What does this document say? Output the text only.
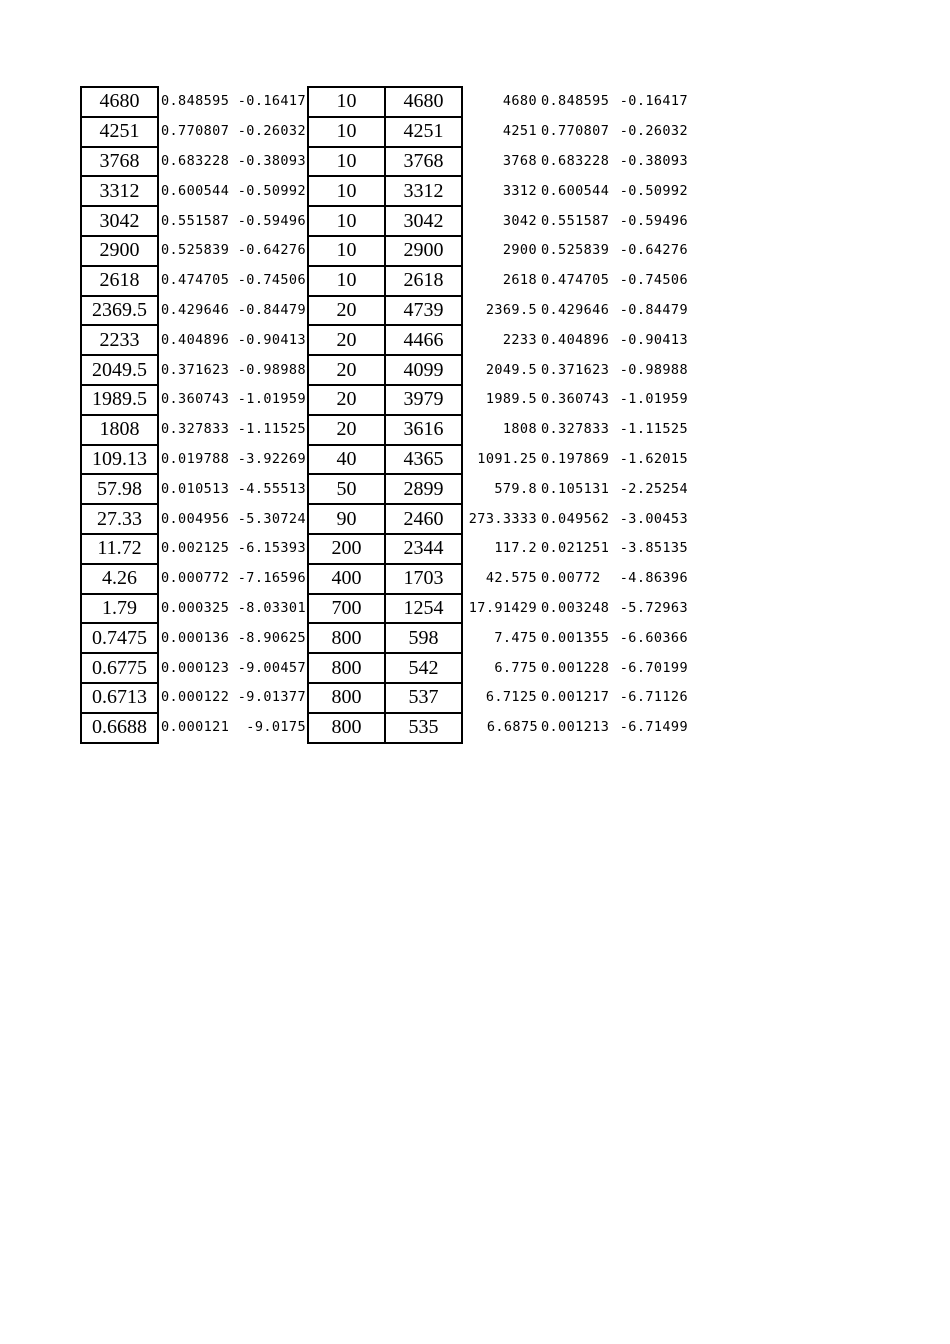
4680	0.848595	-0.16417	10	4680	4680	0.848595	-0.16417
4251	0.770807	-0.26032	10	4251	4251	0.770807	-0.26032
3768	0.683228	-0.38093	10	3768	3768	0.683228	-0.38093
3312	0.600544	-0.50992	10	3312	3312	0.600544	-0.50992
3042	0.551587	-0.59496	10	3042	3042	0.551587	-0.59496
2900	0.525839	-0.64276	10	2900	2900	0.525839	-0.64276
2618	0.474705	-0.74506	10	2618	2618	0.474705	-0.74506
2369.5	0.429646	-0.84479	20	4739	2369.5	0.429646	-0.84479
2233	0.404896	-0.90413	20	4466	2233	0.404896	-0.90413
2049.5	0.371623	-0.98988	20	4099	2049.5	0.371623	-0.98988
1989.5	0.360743	-1.01959	20	3979	1989.5	0.360743	-1.01959
1808	0.327833	-1.11525	20	3616	1808	0.327833	-1.11525
109.13	0.019788	-3.92269	40	4365	1091.25	0.197869	-1.62015
57.98	0.010513	-4.55513	50	2899	579.8	0.105131	-2.25254
27.33	0.004956	-5.30724	90	2460	273.3333	0.049562	-3.00453
11.72	0.002125	-6.15393	200	2344	117.2	0.021251	-3.85135
4.26	0.000772	-7.16596	400	1703	42.575	0.00772	-4.86396
1.79	0.000325	-8.03301	700	1254	17.91429	0.003248	-5.72963
0.7475	0.000136	-8.90625	800	598	7.475	0.001355	-6.60366
0.6775	0.000123	-9.00457	800	542	6.775	0.001228	-6.70199
0.6713	0.000122	-9.01377	800	537	6.7125	0.001217	-6.71126
0.6688	0.000121	-9.0175	800	535	6.6875	0.001213	-6.71499
